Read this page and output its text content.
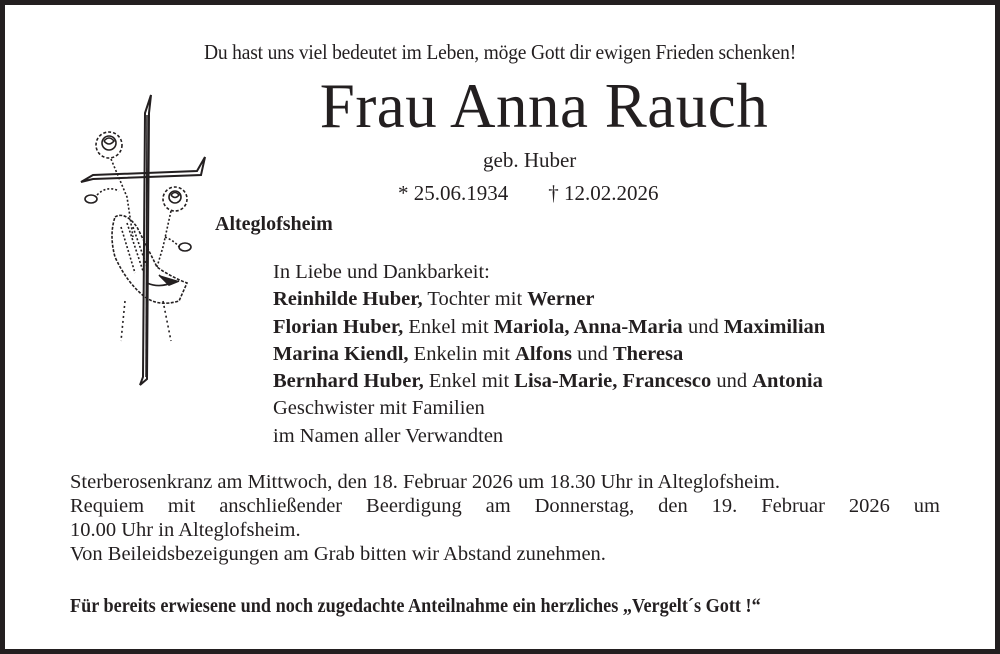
Du hast uns viel bedeutet im Leben, möge Gott dir ewigen Frieden schenken!
Frau Anna Rauch
geb. Huber
* 25.06.1934 † 12.02.2026
Alteglofsheim
In Liebe und Dankbarkeit:
Reinhilde Huber, Tochter mit Werner
Florian Huber, Enkel mit Mariola, Anna-Maria und Maximilian
Marina Kiendl, Enkelin mit Alfons und Theresa
Bernhard Huber, Enkel mit Lisa-Marie, Francesco und Antonia
Geschwister mit Familien
im Namen aller Verwandten
Sterberosenkranz am Mittwoch, den 18. Februar 2026 um 18.30 Uhr in Alteglofsheim.
Requiem mit anschließender Beerdigung am Donnerstag, den 19. Februar 2026 um
10.00 Uhr in Alteglofsheim.
Von Beileidsbezeigungen am Grab bitten wir Abstand zunehmen.
Für bereits erwiesene und noch zugedachte Anteilnahme ein herzliches „Vergelt´s Gott !“
